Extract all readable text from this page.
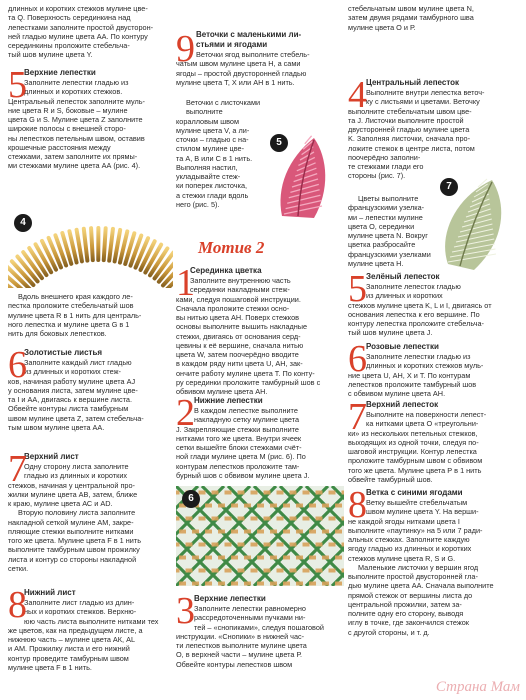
длинных и коротких стежков мулине цве-

та Q. Поверхность серединкина над

лепестками заполните простой двусторон-

ней гладью мулине цвета АА. По контуру

серединкины проложите стебельча-

тый шов мулине цвета Y.

5

Верхние лепестки

Заполните лепестки гладью из

длинных и коротких стежков.

Центральный лепесток заполните муль-

ние цвета R и S, боковые – мулине

цвета G и S. Мулине цвета Z заполните

широкие полосы с внешней сторо-

ны лепестков петельным швом, оставив

крошечные расстояния между

стежками, затем заполните их прямы-

ми стежками мулине цвета АА (рис. 4).

4

Вдоль внешнего края каждого ле-

пестка проложите стебельчатый шов

мулине цвета R в 1 нить для централь-

ного лепестка и мулине цвета G в 1

нить для боковых лепестков.

6

Золотистые листья

Заполните каждый лист гладью

из длинных и коротких стеж-

ков, начиная работу мулине цвета AJ

у основания листа, затем мулине цве-

та I и АА, двигаясь к вершине листа.

Обвейте контуры листа тамбурным

швом мулине цвета Z, затем стебельча-

тым швом мулине цвета АА.

7

Верхний лист

Одну сторону листа заполните

гладью из длинных и коротких

стежков, начиная у центральной про-

жилки мулине цвета АВ, затем, ближе

к краю, мулине цвета АС и AD.

Вторую половину листа заполните

накладной сеткой мулине АМ, закре-

пляющие стежки выполните нитками

того же цвета. Мулине цвета F в 1 нить

выполните тамбурным швом прожилку

листа и контур со стороны накладной

сетки.

8

Нижний лист

Заполните лист гладью из длин-

ных и коротких стежков. Верхню-

юю часть листа выполните нитками тех

же цветов, как на предыдущем листе, а

нижнюю часть – мулине цвета АК, AL

и АМ. Прожилку листа и его нижний

контур проведите тамбурным швом

мулине цвета F в 1 нить.

9 Веточки с маленькими ли-

стьями и ягодами

Веточки ягод выполните стебель-

чатым швом мулине цвета Н, а сами

ягоды – простой двусторонней гладью

мулине цвета Т, Х или АН в 1 нить.

Веточки с листочками выполните

коралловым швом

мулине цвета V, а ли-

сточки – гладью с на-

стилом мулине цве-

та А, В или С в 1 нить.

Выполняя настил,

укладывайте стеж-

ки поперек листочка,

а стежки глади вдоль

него (рис. 5).

5
Мотив 2
1

Серединка цветка

Заполните внутреннюю часть

серединки накладными стеж-

ками, следуя пошаговой инструкции.

Сначала проложите стежки осно-

вы нитью цвета АН. Поверх стежков

основы выполните вышить накладные

стежки, двигаясь от основания серд-

цевины к её вершине, сначала нитью

цвета W, затем поочерёдно вводите

в каждом ряду нити цвета U, АН, зак-

ончите работу мулине цвета T. По конту-

ру серединки проложите тамбурный шов с

обвивом мулине цвета АН.

2 Нижние лепестки

В каждом лепестке выполните

накладную сетку мулине цвета

J. Закрепляющие стежки выполните

нитками того же цвета. Внутри ячеек

сетки вышейте блоки стежками счёт-

ной глади мулине цвета М (рис. 6). По

контурам лепестков проложите там-

бурный шов с обвивом мулине цвета J.

6
3 Верхние лепестки

Заполните лепестки равномерно

рассредоточенными пучками ни-

тей – «снопиками», следуя пошаговой

инструкции. «Снопики» в нижней час-

ти лепестков выполните мулине цвета

О, в верхней части – мулине цвета Р.

Обвейте контуры лепестков швом

стебельчатым швом мулине цвета N,

затем двумя рядами тамбурного шва

мулине цвета О и Р.

4 Центральный лепесток

Выполните внутри лепестка веточ-

ку с листьями и цветами. Веточку

выполните стебельчатым швом цве-

та J. Листочки выполните простой

двусторонней гладью мулине цвета

K. Заполняя листочки, сначала про-

ложите стежок в центре листа, потом

поочерёдно заполни-

те стежками глади его

стороны (рис. 7).

7

Цветы выполните

французскими узелка-

ми – лепестки мулине

цвета О, серединки

мулине цвета N. Вокруг

цветка разбросайте

французскими узелками

мулине цвета Н.

5 Зелёный лепесток

Заполните лепесток гладью

из длинных и коротких

стежков мулине цвета K, L и I, двигаясь от

основания лепестка к его вершине. По

контуру лепестка проложите стебельча-

тый шов мулине цвета J.

6 Розовые лепестки

Заполните лепестки гладью из

длинных и коротких стежков муль-

ние цвета U, АН, Х и T. По контурам

лепестков проложите тамбурный шов

с обвивом мулине цвета АН.

7 Верхний лепесток

Выполните на поверхности лепест-

ка нитками цвета О «треугольни-

ки» из нескольких петельных стежков,

выходящих из одной точки, следуя по-

шаговой инструкции. Контур лепестка

проложите тамбурным швом с обвивом

того же цвета. Мулине цвета Р в 1 нить

обвейте тамбурный шов.

8 Ветка с синими ягодами

Ветку вышейте стебельчатым

швом мулине цвета Y. На верши-

не каждой ягоды нитками цвета I

выполните «паутинку» на 5 или 7 ради-

альных стежках. Заполните каждую

ягоду гладью из длинных и коротких

стежков мулине цвета R, S и G.

Маленькие листочки у вершин ягод

выполните простой двусторонней гла-

дью мулине цвета АА. Сначала выполните

прямой стежок от вершины листа до

центральной прожилки, затем за-

полните одну его сторону, выводя

иглу в точке, где закончился стежок

с другой стороны, и т. д.

Страна Мам
